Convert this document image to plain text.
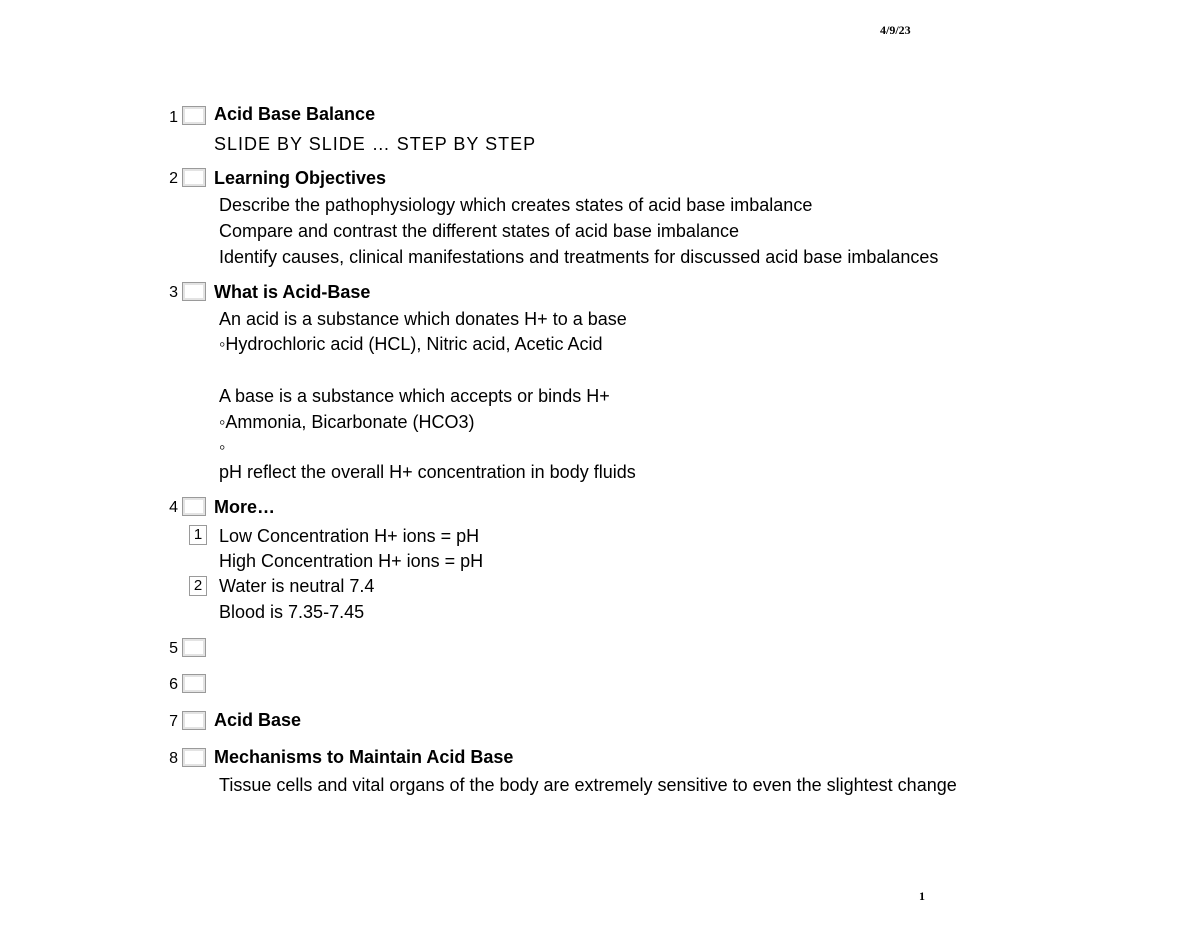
4/9/23
1 Acid Base Balance
SLIDE BY SLIDE … STEP BY STEP
2 Learning Objectives
Describe the pathophysiology which creates states of acid base imbalance
Compare and contrast the different states of acid base imbalance
Identify causes, clinical manifestations and treatments for discussed acid base imbalances
3 What is Acid-Base
An acid is a substance which donates H+ to a base
◦Hydrochloric acid (HCL), Nitric acid, Acetic Acid
A base is a substance which accepts or binds H+
◦Ammonia, Bicarbonate (HCO3)
◦
pH reflect the overall H+ concentration in body fluids
4 More…
1 Low Concentration H+ ions = pH
High Concentration H+ ions = pH
2 Water is neutral 7.4
Blood is 7.35-7.45
5
6
7 Acid Base
8 Mechanisms to Maintain Acid Base
Tissue cells and vital organs of the body are extremely sensitive to even the slightest change
1
